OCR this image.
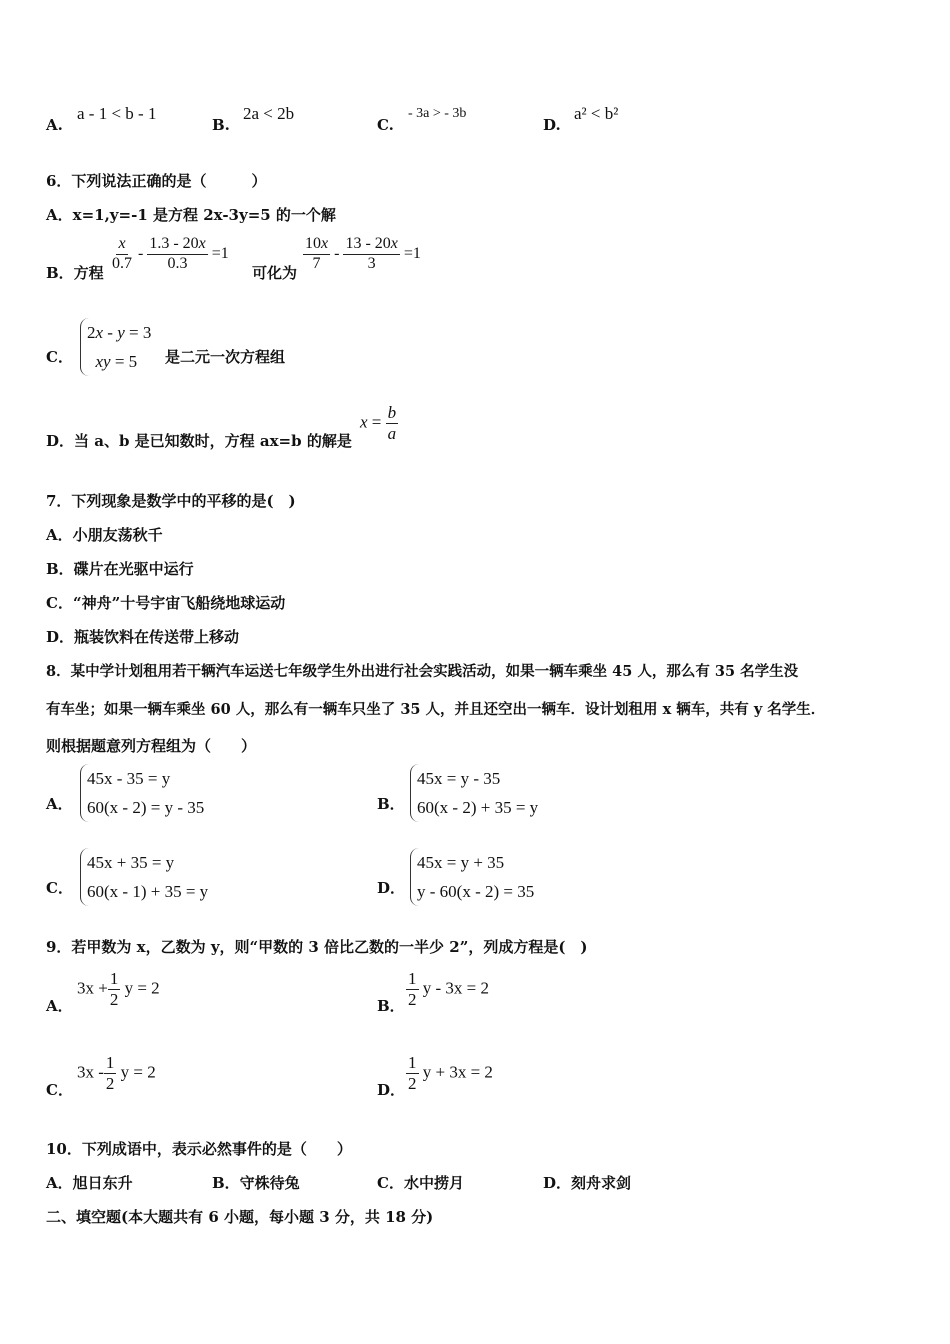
A.
a - 1 < b - 1
B.
2a < 2b
C.
- 3a > - 3b
D.
a² < b²
6．下列说法正确的是（　　　）
A．x=1,y=-1 是方程 2x-3y=5 的一个解
B．方程
$\frac{x}{0.7} - \frac{1.3 - 20x}{0.3} =1$
可化为
$\frac{10x}{7} - \frac{13 - 20x}{3} =1$
C．
2x - y = 3
xy = 5	是二元一次方程组
D．当 a、b 是已知数时，方程 ax=b 的解是
$x = \frac{b}{a}$
7．下列现象是数学中的平移的是(　)
A．小朋友荡秋千
B．碟片在光驱中运行
C．“神舟”十号宇宙飞船绕地球运动
D．瓶装饮料在传送带上移动
8．某中学计划租用若干辆汽车运送七年级学生外出进行社会实践活动，如果一辆车乘坐 45 人，那么有 35 名学生没
有车坐；如果一辆车乘坐 60 人，那么有一辆车只坐了 35 人，并且还空出一辆车．设计划租用 x 辆车，共有 y 名学生．
则根据题意列方程组为（　　）
A．
45x - 35 = y
60(x - 2) = y - 35	B．
45x = y - 35
60(x - 2) + 35 = y
C．
45x + 35 = y
60(x - 1) + 35 = y	D．
45x = y + 35
y - 60(x - 2) = 35
9．若甲数为 x，乙数为 y，则“甲数的 3 倍比乙数的一半少 2”，列成方程是(　)
A．
$3x + \frac{1}{2}$ y = 2
B． $\frac{1}{2}$ y - 3x = 2
C．
$3x - \frac{1}{2}$ y = 2
D． $\frac{1}{2}$ y + 3x = 2
10．下列成语中，表示必然事件的是（　　）
A．旭日东升	B．守株待兔	C．水中捞月	D．刻舟求剑
二、填空题(本大题共有 6 小题，每小题 3 分，共 18 分)
